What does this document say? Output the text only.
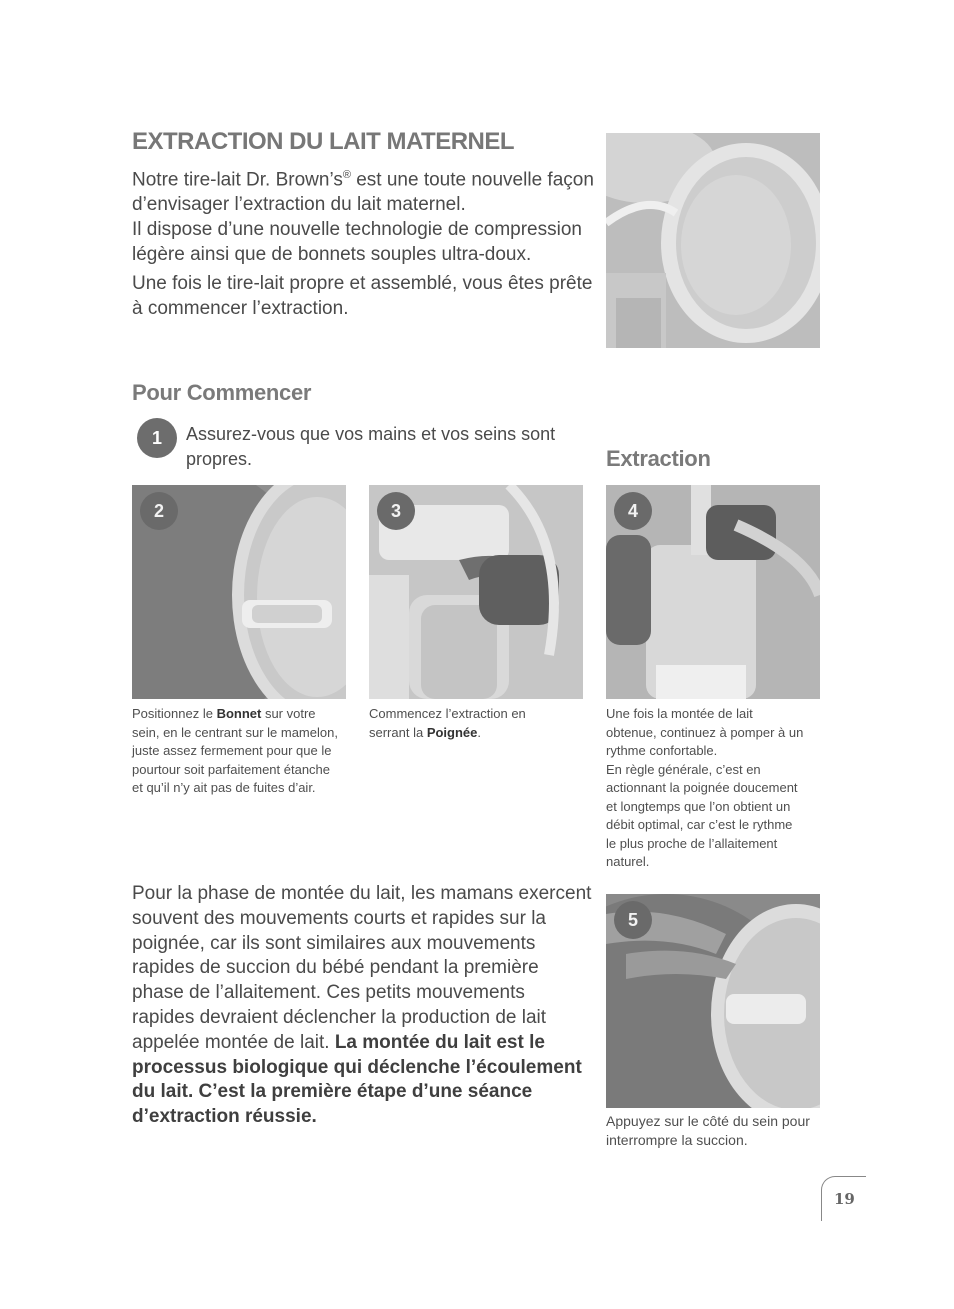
EXTRACTION DU LAIT MATERNEL

Notre tire-lait Dr. Brown’s® est une toute nouvelle façon d’envisager l’extraction du lait maternel.
Il dispose d’une nouvelle technologie de compression légère ainsi que de bonnets souples ultra-doux.

Une fois le tire-lait propre et assemblé, vous êtes prête à commencer l’extraction.

Pour Commencer
1	Assurez-vous que vos mains et vos seins sont propres.	Extraction
2	3	4
Positionnez le Bonnet sur votre sein, en le centrant sur le mamelon, juste assez fermement pour que le pourtour soit parfaitement étanche et qu’il n’y ait pas de fuites d’air.
Commencez l’extraction en serrant la Poignée.
Une fois la montée de lait obtenue, continuez à pomper à un rythme confortable.
En règle générale, c’est en actionnant la poignée doucement et longtemps que l’on obtient un débit optimal, car c’est le rythme le plus proche de l’allaitement naturel.
Pour la phase de montée du lait, les mamans exercent souvent des mouvements courts et rapides sur la poignée, car ils sont similaires aux mouvements rapides de succion du bébé pendant la première phase de l’allaitement. Ces petits mouvements rapides devraient déclencher la production de lait appelée montée de lait. La montée du lait est le processus biologique qui déclenche l’écoulement du lait. C’est la première étape d’une séance d’extraction réussie.
5
Appuyez sur le côté du sein pour interrompre la succion.
19
